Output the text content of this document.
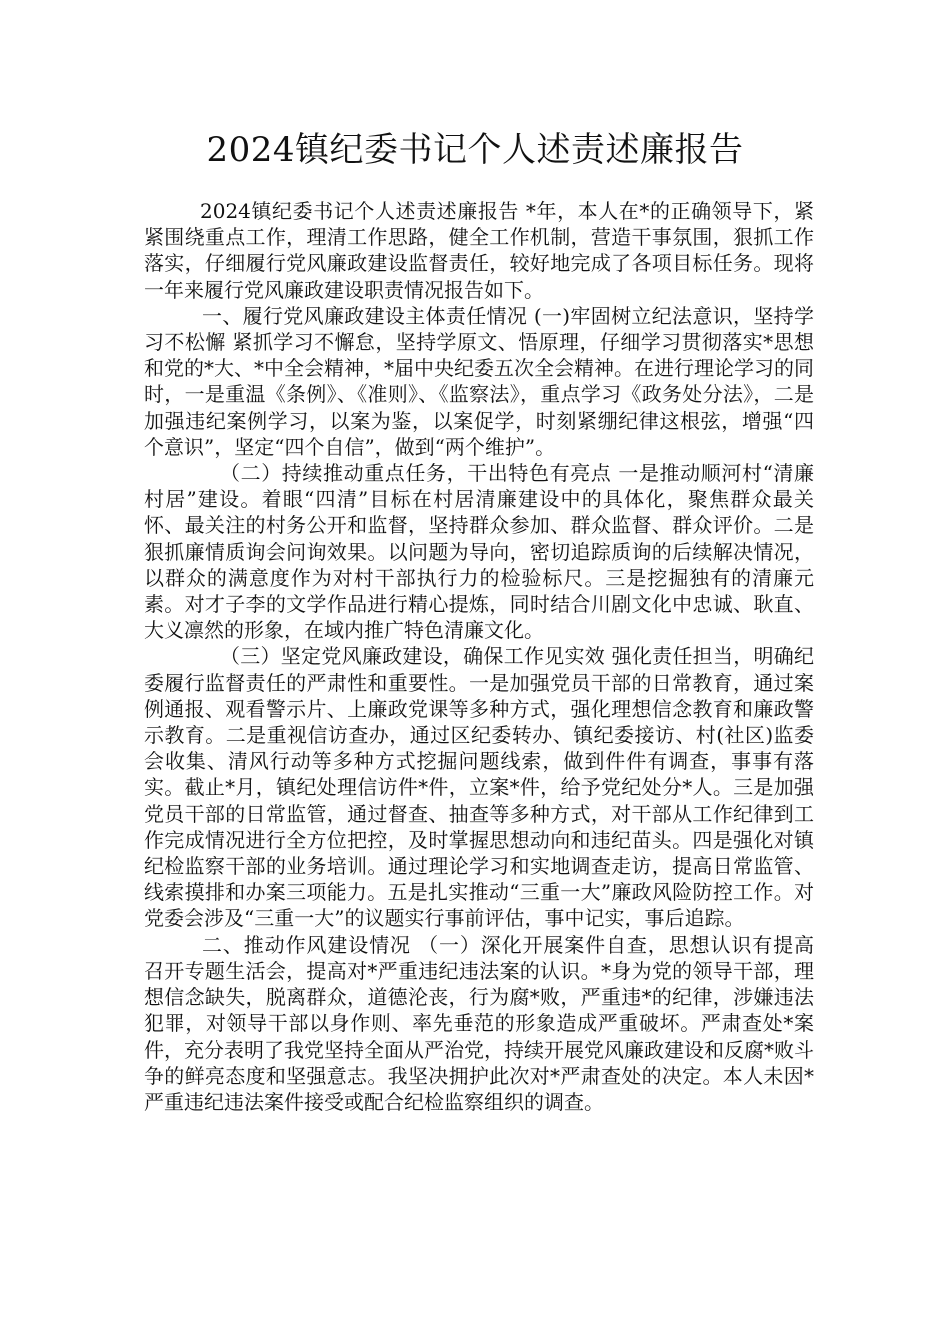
2024镇纪委书记个人述责述廉报告

2024镇纪委书记个人述责述廉报告 *年，本人在*的正确领导下，紧紧围绕重点工作，理清工作思路，健全工作机制，营造干事氛围，狠抓工作落实，仔细履行党风廉政建设监督责任，较好地完成了各项目标任务。现将一年来履行党风廉政建设职责情况报告如下。

一、履行党风廉政建设主体责任情况 (一)牢固树立纪法意识，坚持学习不松懈 紧抓学习不懈怠，坚持学原文、悟原理，仔细学习贯彻落实*思想和党的*大、*中全会精神，*届中央纪委五次全会精神。在进行理论学习的同时，一是重温《条例》、《准则》、《监察法》，重点学习《政务处分法》，二是加强违纪案例学习，以案为鉴，以案促学，时刻紧绷纪律这根弦，增强“四个意识”，坚定“四个自信”，做到“两个维护”。

（二）持续推动重点任务，干出特色有亮点 一是推动顺河村“清廉村居”建设。着眼“四清”目标在村居清廉建设中的具体化，聚焦群众最关怀、最关注的村务公开和监督，坚持群众参加、群众监督、群众评价。二是狠抓廉情质询会问询效果。以问题为导向，密切追踪质询的后续解决情况，以群众的满意度作为对村干部执行力的检验标尺。三是挖掘独有的清廉元素。对才子李的文学作品进行精心提炼，同时结合川剧文化中忠诚、耿直、大义凛然的形象，在域内推广特色清廉文化。

（三）坚定党风廉政建设，确保工作见实效 强化责任担当，明确纪委履行监督责任的严肃性和重要性。一是加强党员干部的日常教育，通过案例通报、观看警示片、上廉政党课等多种方式，强化理想信念教育和廉政警示教育。二是重视信访查办，通过区纪委转办、镇纪委接访、村(社区)监委会收集、清风行动等多种方式挖掘问题线索，做到件件有调查，事事有落实。截止*月，镇纪处理信访件*件，立案*件，给予党纪处分*人。三是加强党员干部的日常监管，通过督查、抽查等多种方式，对干部从工作纪律到工作完成情况进行全方位把控，及时掌握思想动向和违纪苗头。四是强化对镇纪检监察干部的业务培训。通过理论学习和实地调查走访，提高日常监管、线索摸排和办案三项能力。五是扎实推动“三重一大”廉政风险防控工作。对党委会涉及“三重一大”的议题实行事前评估，事中记实，事后追踪。

二、推动作风建设情况 （一）深化开展案件自查，思想认识有提高 召开专题生活会，提高对*严重违纪违法案的认识。*身为党的领导干部，理想信念缺失，脱离群众，道德沦丧，行为腐*败，严重违*的纪律，涉嫌违法犯罪，对领导干部以身作则、率先垂范的形象造成严重破坏。严肃查处*案件，充分表明了我党坚持全面从严治党，持续开展党风廉政建设和反腐*败斗争的鲜亮态度和坚强意志。我坚决拥护此次对*严肃查处的决定。本人未因*严重违纪违法案件接受或配合纪检监察组织的调查。
